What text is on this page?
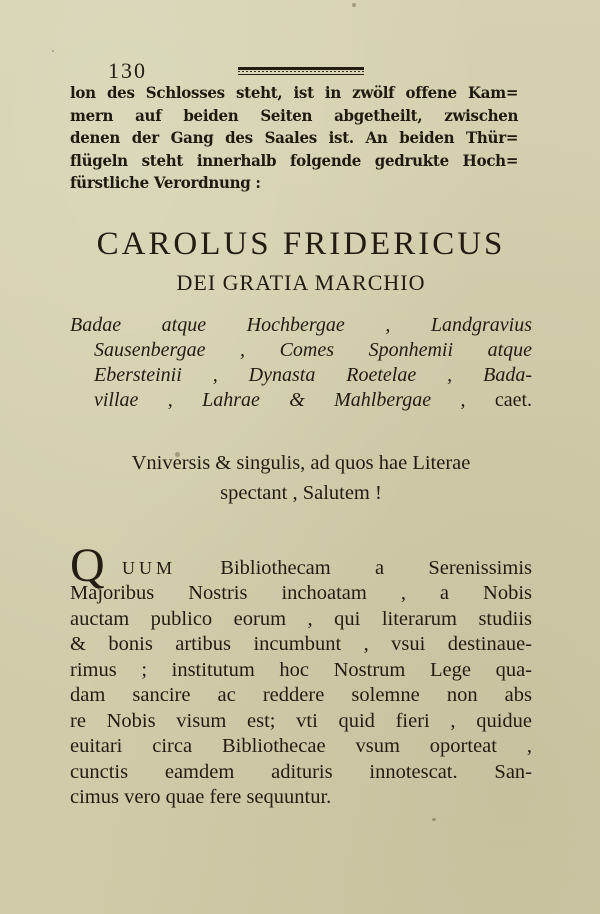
130
lon des Schlosses steht, ist in zwölf offene Kam=
mern auf beiden Seiten abgetheilt, zwischen
denen der Gang des Saales ist. An beiden Thür=
flügeln steht innerhalb folgende gedrukte Hoch=
fürstliche Verordnung :
CAROLUS FRIDERICUS
DEI GRATIA MARCHIO
Badae atque Hochbergae , Landgravius
Sausenbergae , Comes Sponhemii atque
Ebersteinii , Dynasta Roetelae , Bada-
villae , Lahrae & Mahlbergae , caet.
Vniversis & singulis, ad quos hae Literae
spectant , Salutem !
Q UUM Bibliothecam a Serenissimis
Majoribus Nostris inchoatam , a Nobis
auctam publico eorum , qui literarum studiis
& bonis artibus incumbunt , vsui destinaue-
rimus ; institutum hoc Nostrum Lege qua-
dam sancire ac reddere solemne non abs
re Nobis visum est; vti quid fieri , quidue
euitari circa Bibliothecae vsum oporteat ,
cunctis eamdem adituris innotescat. San-
cimus vero quae fere sequuntur.
